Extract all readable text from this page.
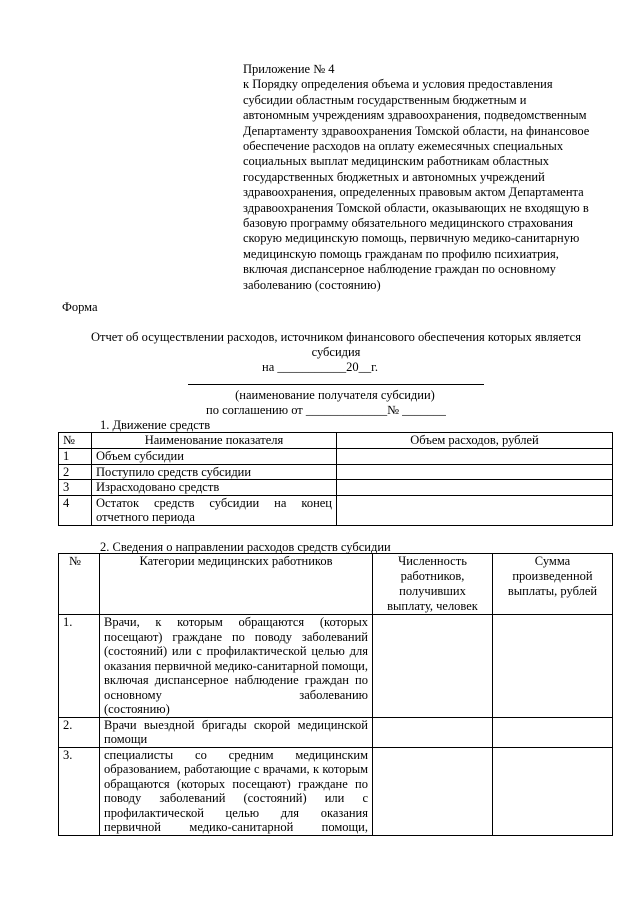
Приложение № 4
к Порядку определения объема и условия предоставления
субсидии областным государственным бюджетным и
автономным учреждениям здравоохранения, подведомственным
Департаменту здравоохранения Томской области, на финансовое
обеспечение расходов на оплату ежемесячных специальных
социальных выплат медицинским работникам областных
государственных бюджетных и автономных учреждений
здравоохранения, определенных правовым актом Департамента
здравоохранения Томской области, оказывающих не входящую в
базовую программу обязательного медицинского страхования
скорую медицинскую помощь, первичную медико-санитарную
медицинскую помощь гражданам по профилю психиатрия,
включая диспансерное наблюдение граждан по основному
заболеванию (состоянию)
Форма
Отчет об осуществлении расходов, источником финансового обеспечения которых является
субсидия
на ___________20__г.
(наименование получателя субсидии)
по соглашению от _____________№ _______
1. Движение средств
№	Наименование показателя	Объем расходов, рублей
1	Объем субсидии	
2	Поступило средств субсидии	
3	Израсходовано средств	
4	Остаток средств субсидии на конец отчетного периода	
2. Сведения о направлении расходов средств субсидии
№	Категории медицинских работников	Численность работников, получивших выплату, человек	Сумма произведенной выплаты, рублей
1.	Врачи, к которым обращаются (которых посещают) граждане по поводу заболеваний (состояний) или с профилактической целью для оказания первичной медико-санитарной помощи, включая диспансерное наблюдение граждан по основному заболеванию
(состоянию)		

2.	Врачи выездной бригады скорой медицинской
помощи		

3.	специалисты со средним медицинским образованием, работающие с врачами, к которым обращаются (которых посещают) граждане по поводу заболеваний (состояний) или с профилактической целью для оказания первичной медико-санитарной помощи,		
